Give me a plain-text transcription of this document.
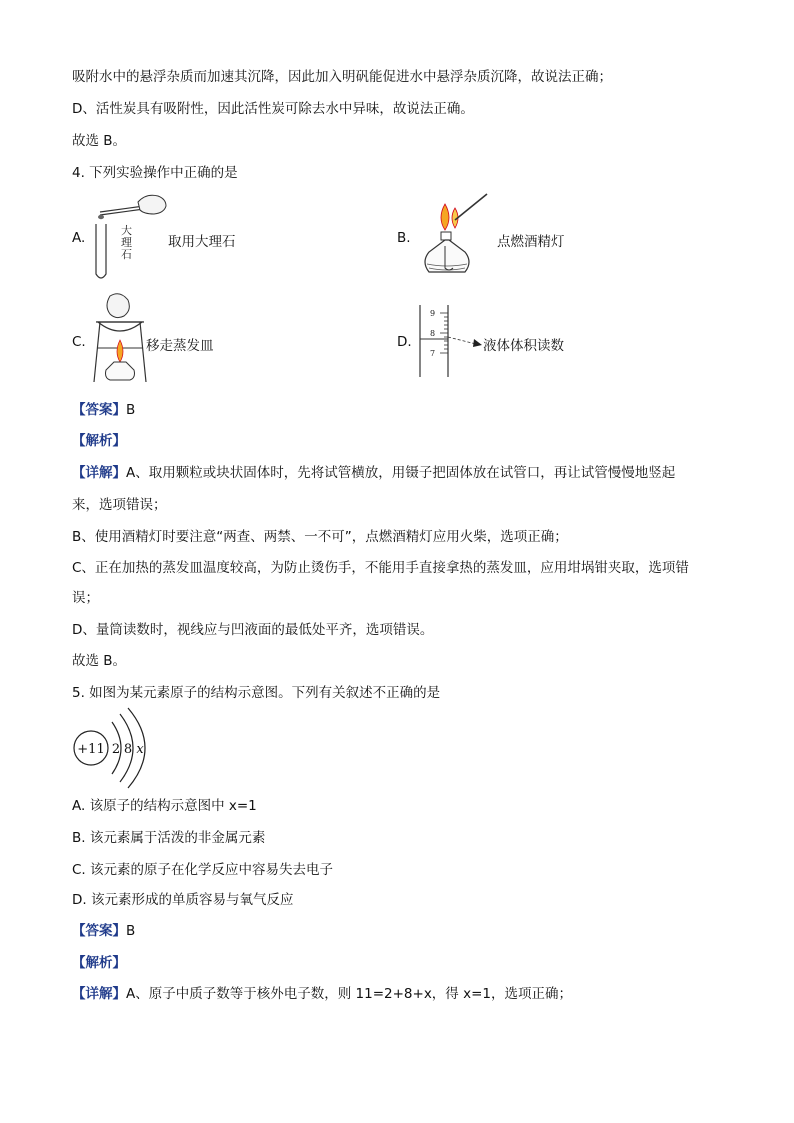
吸附水中的悬浮杂质而加速其沉降，因此加入明矾能促进水中悬浮杂质沉降，故说法正确；
D、活性炭具有吸附性，因此活性炭可除去水中异味，故说法正确。
故选 B。
4. 下列实验操作中正确的是
A.	大
理
石
取用大理石	B.	点燃酒精灯
C.	移走蒸发皿	D.
9
8
7	液体体积读数
【答案】B
【解析】
【详解】A、取用颗粒或块状固体时，先将试管横放，用镊子把固体放在试管口，再让试管慢慢地竖起
来，选项错误；
B、使用酒精灯时要注意“两查、两禁、一不可”，点燃酒精灯应用火柴，选项正确；
C、正在加热的蒸发皿温度较高，为防止烫伤手，不能用手直接拿热的蒸发皿，应用坩埚钳夹取，选项错
误；
D、量筒读数时，视线应与凹液面的最低处平齐，选项错误。
故选 B。
5. 如图为某元素原子的结构示意图。下列有关叙述不正确的是
+11 2 8 x
A. 该原子的结构示意图中 x=1
B. 该元素属于活泼的非金属元素
C. 该元素的原子在化学反应中容易失去电子
D. 该元素形成的单质容易与氧气反应
【答案】B
【解析】
【详解】A、原子中质子数等于核外电子数，则 11=2+8+x，得 x=1，选项正确；
